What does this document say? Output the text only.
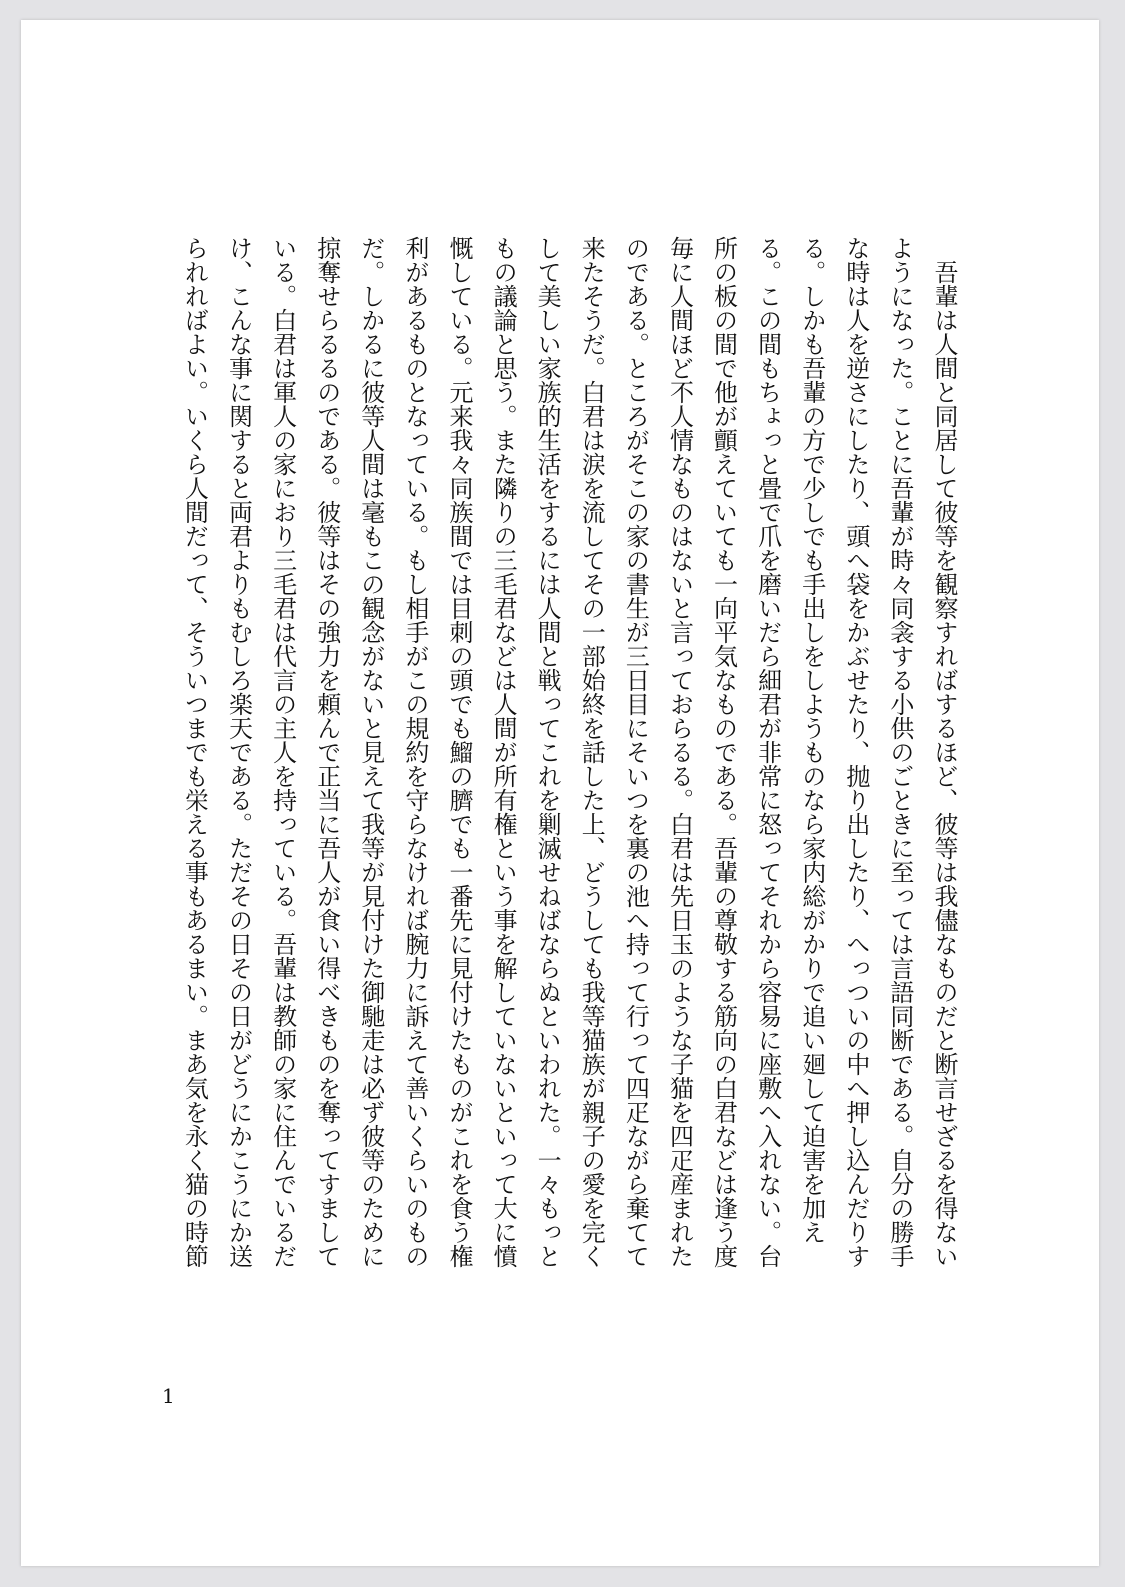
　吾輩は人間と同居して彼等を観察すればするほど、彼等は我儘なものだと断言せざるを得ない
ようになった。ことに吾輩が時々同衾する小供のごときに至っては言語同断である。自分の勝手
な時は人を逆さにしたり、頭へ袋をかぶせたり、抛り出したり、へっついの中へ押し込んだりす
る。しかも吾輩の方で少しでも手出しをしようものなら家内総がかりで追い廻して迫害を加え
る。この間もちょっと畳で爪を磨いだら細君が非常に怒ってそれから容易に座敷へ入れない。台
所の板の間で他が顫えていても一向平気なものである。吾輩の尊敬する筋向の白君などは逢う度
毎に人間ほど不人情なものはないと言っておらるる。白君は先日玉のような子猫を四疋産まれた
のである。ところがそこの家の書生が三日目にそいつを裏の池へ持って行って四疋ながら棄てて
来たそうだ。白君は涙を流してその一部始終を話した上、どうしても我等猫族が親子の愛を完く
して美しい家族的生活をするには人間と戦ってこれを剿滅せねばならぬといわれた。一々もっと
もの議論と思う。また隣りの三毛君などは人間が所有権という事を解していないといって大に憤
慨している。元来我々同族間では目刺の頭でも鰡の臍でも一番先に見付けたものがこれを食う権
利があるものとなっている。もし相手がこの規約を守らなければ腕力に訴えて善いくらいのもの
だ。しかるに彼等人間は毫もこの観念がないと見えて我等が見付けた御馳走は必ず彼等のために
掠奪せらるるのである。彼等はその強力を頼んで正当に吾人が食い得べきものを奪ってすまして
いる。白君は軍人の家におり三毛君は代言の主人を持っている。吾輩は教師の家に住んでいるだ
け、こんな事に関すると両君よりもむしろ楽天である。ただその日その日がどうにかこうにか送
られればよい。いくら人間だって、そういつまでも栄える事もあるまい。まあ気を永く猫の時節
1
